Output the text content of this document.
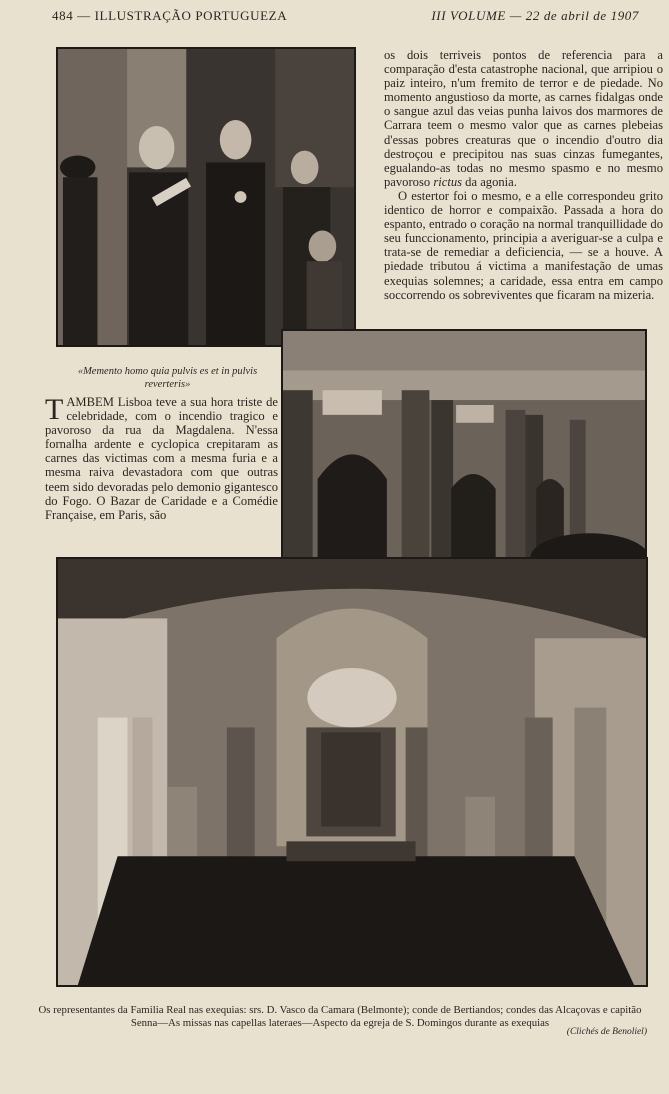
484 — ILLUSTRAÇÃO PORTUGUEZA	III VOLUME — 22 de abril de 1907
«Memento homo quia pulvis es et in pulvis reverteris»

TAMBEM Lisboa teve a sua hora triste de celebridade, com o incendio tragico e pavoroso da rua da Magdalena. N'essa fornalha ardente e cyclopica crepitaram as carnes das victimas com a mesma furia e a mesma raiva devastadora com que outras teem sido devoradas pelo demonio gigantesco do Fogo. O Bazar de Caridade e a Comédie Française, em Paris, são

os dois terriveis pontos de referencia para a comparação d'esta catastrophe nacional, que arripiou o paiz inteiro, n'um fremito de terror e de piedade. No momento angustioso da morte, as carnes fidalgas onde o sangue azul das veias punha laivos dos marmores de Carrara teem o mesmo valor que as carnes plebeias d'essas pobres creaturas que o incendio d'outro dia destroçou e precipitou nas suas cinzas fumegantes, egualando-as todas no mesmo spasmo e no mesmo pavoroso rictus da agonia.

O estertor foi o mesmo, e a elle correspondeu grito identico de horror e compaixão. Passada a hora do espanto, entrado o coração na normal tranquillidade do seu funccionamento, principia a averiguar-se a culpa e trata-se de remediar a deficiencia, — se a houve. A piedade tributou á victima a manifestação de umas exequias solemnes; a caridade, essa entra em campo soccorrendo os sobreviventes que ficaram na mizeria.

Os representantes da Familia Real nas exequias: srs. D. Vasco da Camara (Belmonte); conde de Bertiandos; condes das Alcaçovas e capitão Senna—As missas nas capellas lateraes—Aspecto da egreja de S. Domingos durante as exequias
(Clichés de Benoliel)
